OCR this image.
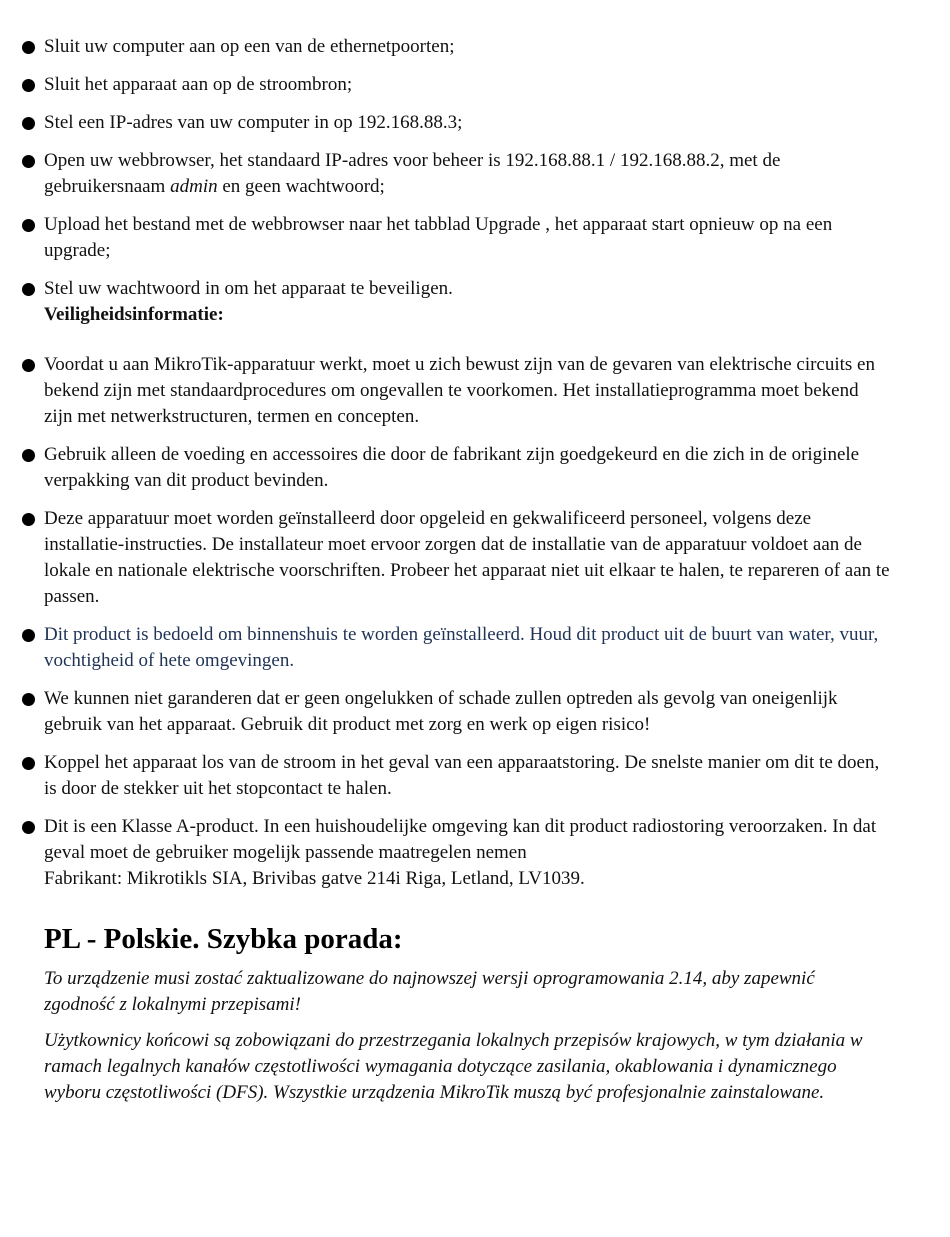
Sluit uw computer aan op een van de ethernetpoorten;
Sluit het apparaat aan op de stroombron;
Stel een IP-adres van uw computer in op 192.168.88.3;
Open uw webbrowser, het standaard IP-adres voor beheer is 192.168.88.1 / 192.168.88.2, met de gebruikersnaam admin en geen wachtwoord;
Upload het bestand met de webbrowser naar het tabblad Upgrade , het apparaat start opnieuw op na een upgrade;
Stel uw wachtwoord in om het apparaat te beveiligen.
Veiligheidsinformatie:
Voordat u aan MikroTik-apparatuur werkt, moet u zich bewust zijn van de gevaren van elektrische circuits en bekend zijn met standaardprocedures om ongevallen te voorkomen. Het installatieprogramma moet bekend zijn met netwerkstructuren, termen en concepten.
Gebruik alleen de voeding en accessoires die door de fabrikant zijn goedgekeurd en die zich in de originele verpakking van dit product bevinden.
Deze apparatuur moet worden geïnstalleerd door opgeleid en gekwalificeerd personeel, volgens deze installatie-instructies. De installateur moet ervoor zorgen dat de installatie van de apparatuur voldoet aan de lokale en nationale elektrische voorschriften. Probeer het apparaat niet uit elkaar te halen, te repareren of aan te passen.
Dit product is bedoeld om binnenshuis te worden geïnstalleerd. Houd dit product uit de buurt van water, vuur, vochtigheid of hete omgevingen.
We kunnen niet garanderen dat er geen ongelukken of schade zullen optreden als gevolg van oneigenlijk gebruik van het apparaat. Gebruik dit product met zorg en werk op eigen risico!
Koppel het apparaat los van de stroom in het geval van een apparaatstoring. De snelste manier om dit te doen, is door de stekker uit het stopcontact te halen.
Dit is een Klasse A-product. In een huishoudelijke omgeving kan dit product radiostoring veroorzaken. In dat geval moet de gebruiker mogelijk passende maatregelen nemen
Fabrikant: Mikrotikls SIA, Brivibas gatve 214i Riga, Letland, LV1039.
PL - Polskie. Szybka porada:

To urządzenie musi zostać zaktualizowane do najnowszej wersji oprogramowania 2.14, aby zapewnić zgodność z lokalnymi przepisami!

Użytkownicy końcowi są zobowiązani do przestrzegania lokalnych przepisów krajowych, w tym działania w ramach legalnych kanałów częstotliwości wymagania dotyczące zasilania, okablowania i dynamicznego wyboru częstotliwości (DFS). Wszystkie urządzenia MikroTik muszą być profesjonalnie zainstalowane.
